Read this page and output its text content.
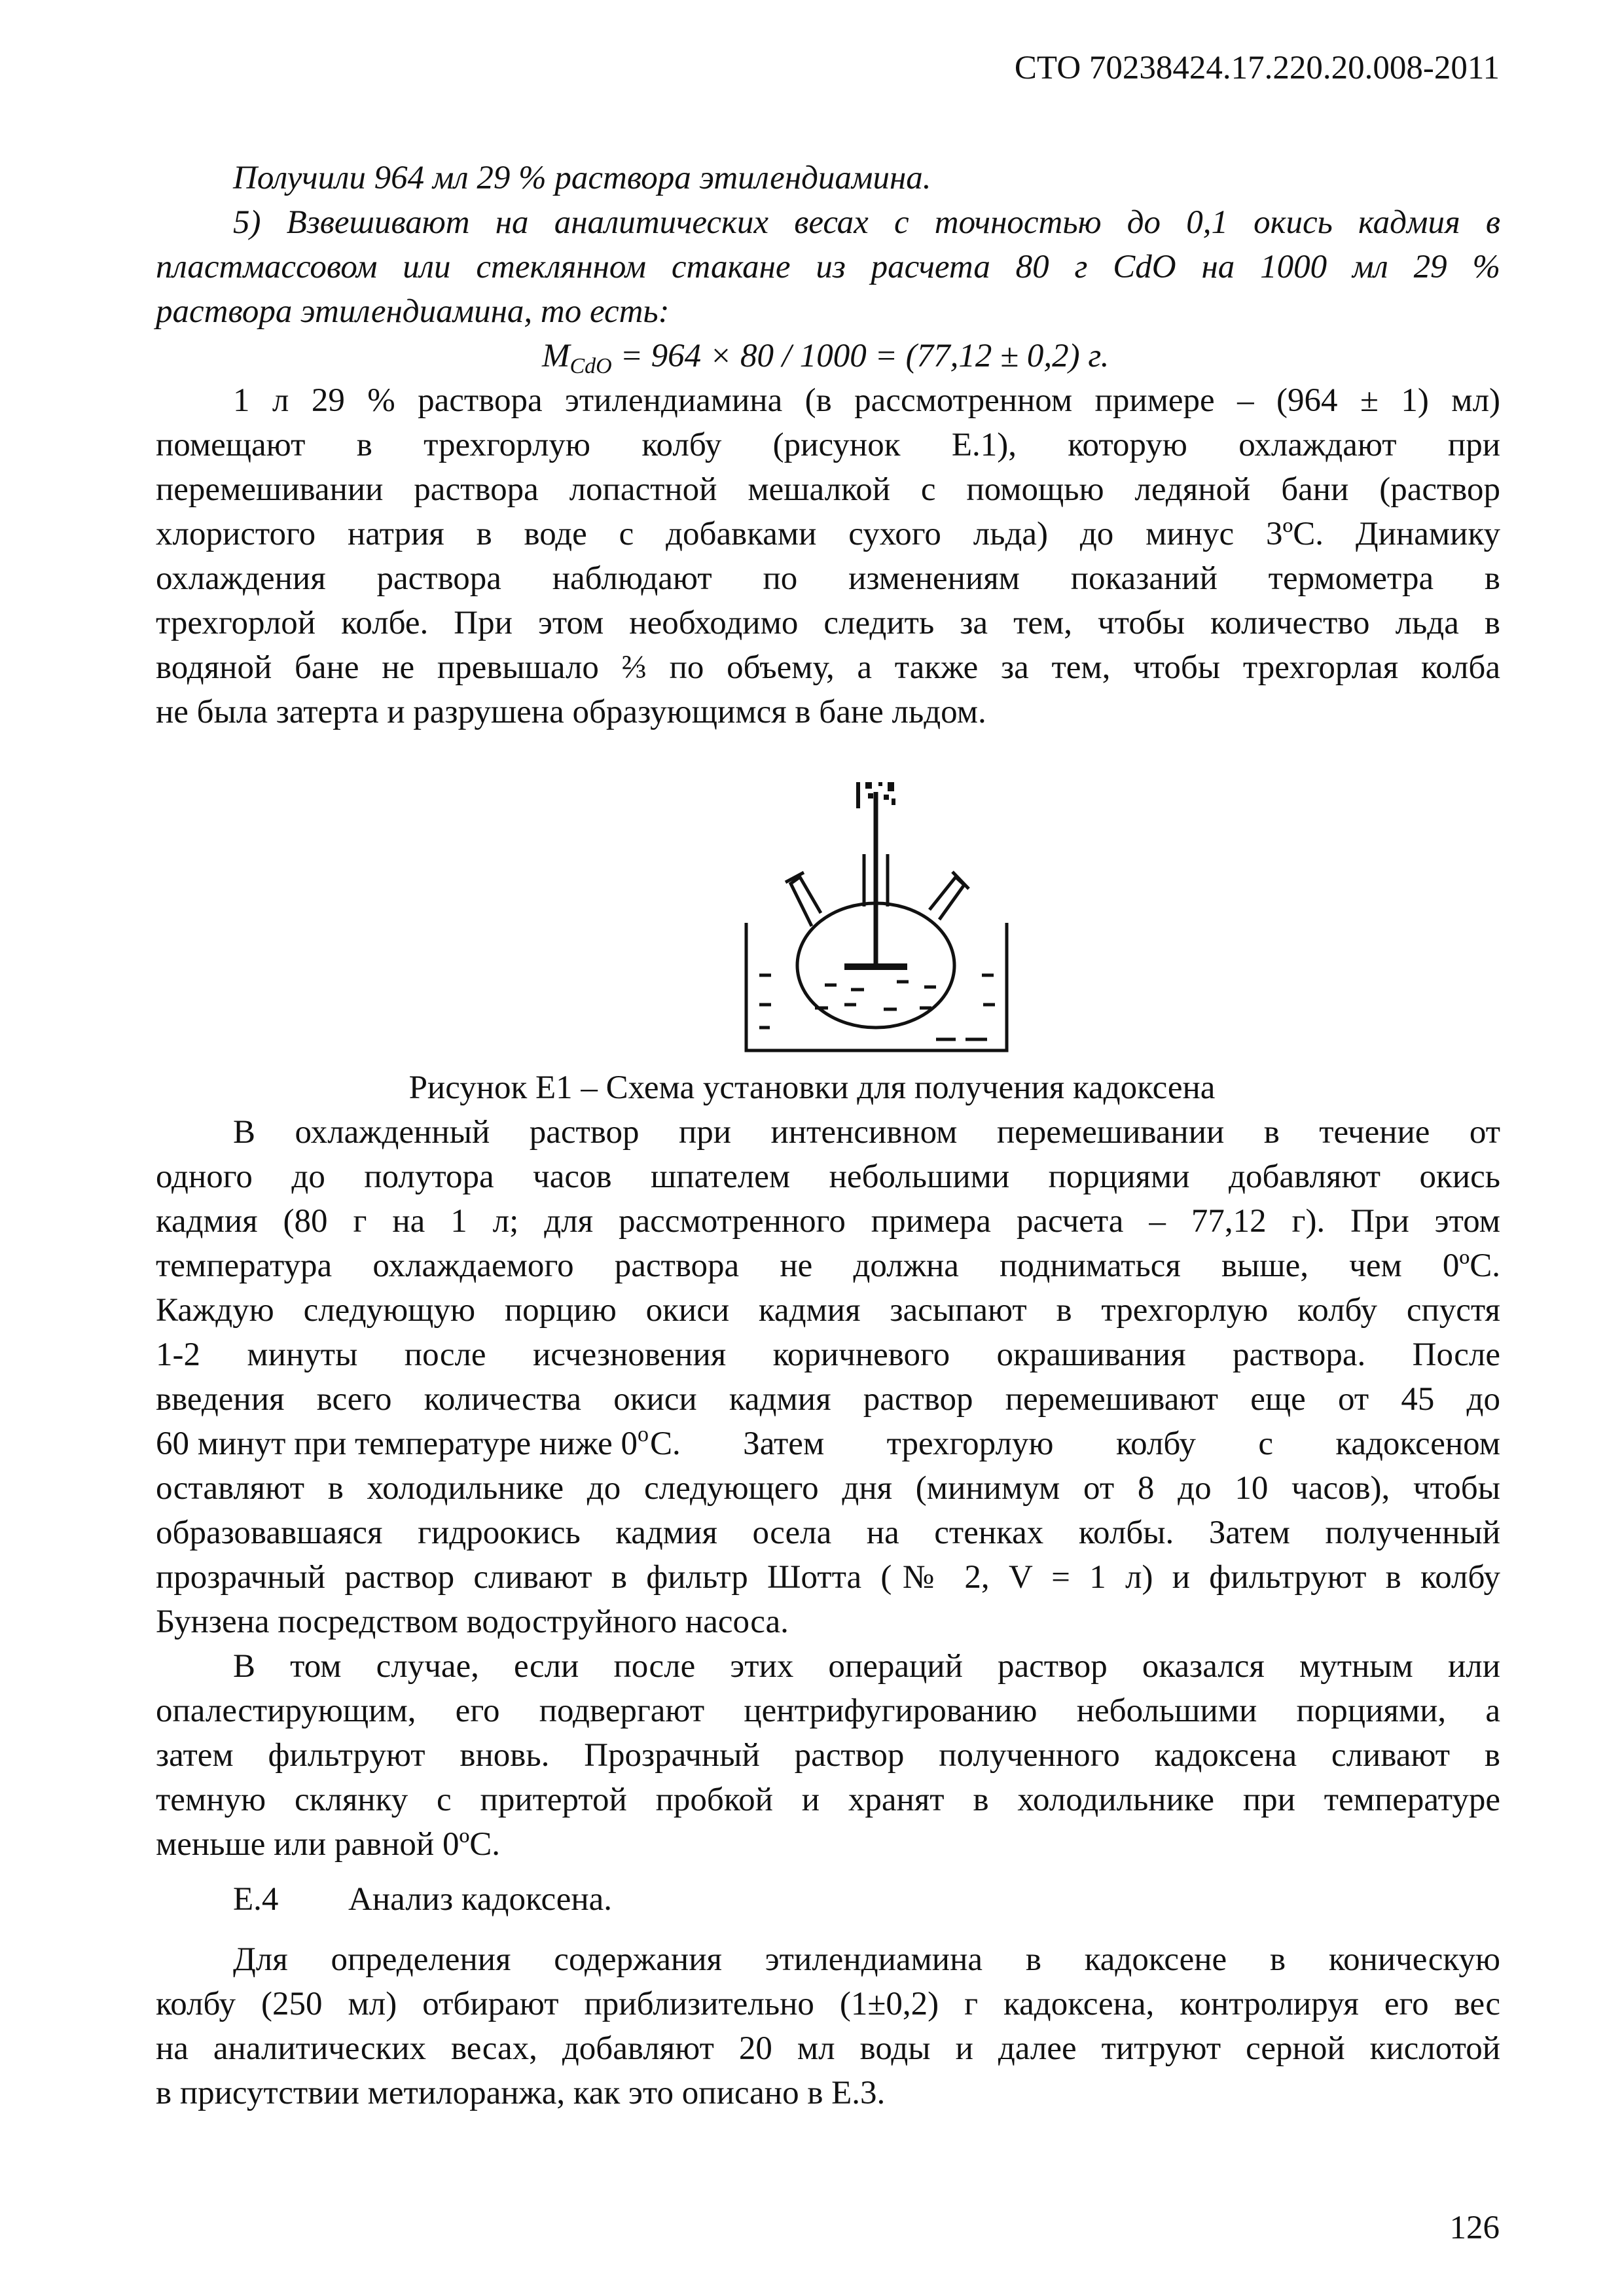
СТО 70238424.17.220.20.008-2011
Получили 964 мл 29 % раствора этилендиамина.
5) Взвешивают на аналитических весах с точностью до 0,1 окись кадмия в
пластмассовом или стеклянном стакане из расчета 80 г CdO на 1000 мл 29 %
раствора этилендиамина, то есть:
$M_{CdO} = 964 \times 80 / 1000 = (77,12 \pm 0,2)$ г.
1 л 29 % раствора этилендиамина (в рассмотренном примере – (964 ± 1) мл)
помещают в трехгорлую колбу (рисунок Е.1), которую охлаждают при
перемешивании раствора лопастной мешалкой с помощью ледяной бани (раствор
хлористого натрия в воде с добавками сухого льда) до минус 3ºС. Динамику
охлаждения раствора наблюдают по изменениям показаний термометра в
трехгорлой колбе. При этом необходимо следить за тем, чтобы количество льда в
водяной бане не превышало ⅔ по объему, а также за тем, чтобы трехгорлая колба
не была затерта и разрушена образующимся в бане льдом.
Рисунок Е1 – Схема установки для получения кадоксена
В охлажденный раствор при интенсивном перемешивании в течение от
одного до полутора часов шпателем небольшими порциями добавляют окись
кадмия (80 г на 1 л; для рассмотренного примера расчета – 77,12 г). При этом
температура охлаждаемого раствора не должна подниматься выше, чем 0ºС.
Каждую следующую порцию окиси кадмия засыпают в трехгорлую колбу спустя
1-2 минуты после исчезновения коричневого окрашивания раствора. После
введения всего количества окиси кадмия раствор перемешивают еще от 45 до
60 минут при температуре ниже 0$^o$ С. Затем трехгорлую колбу с кадоксеном
оставляют в холодильнике до следующего дня (минимум от 8 до 10 часов), чтобы
образовавшаяся гидроокись кадмия осела на стенках колбы. Затем полученный
прозрачный раствор сливают в фильтр Шотта (№ 2, V = 1 л) и фильтруют в колбу
Бунзена посредством водоструйного насоса.
В том случае, если после этих операций раствор оказался мутным или
опалестирующим, его подвергают центрифугированию небольшими порциями, а
затем фильтруют вновь. Прозрачный раствор полученного кадоксена сливают в
темную склянку с притертой пробкой и хранят в холодильнике при температуре
меньше или равной 0ºС.
Е.4 Анализ кадоксена.
Для определения содержания этилендиамина в кадоксене в коническую
колбу (250 мл) отбирают приблизительно (1±0,2) г кадоксена, контролируя его вес
на аналитических весах, добавляют 20 мл воды и далее титруют серной кислотой
в присутствии метилоранжа, как это описано в Е.3.
126
